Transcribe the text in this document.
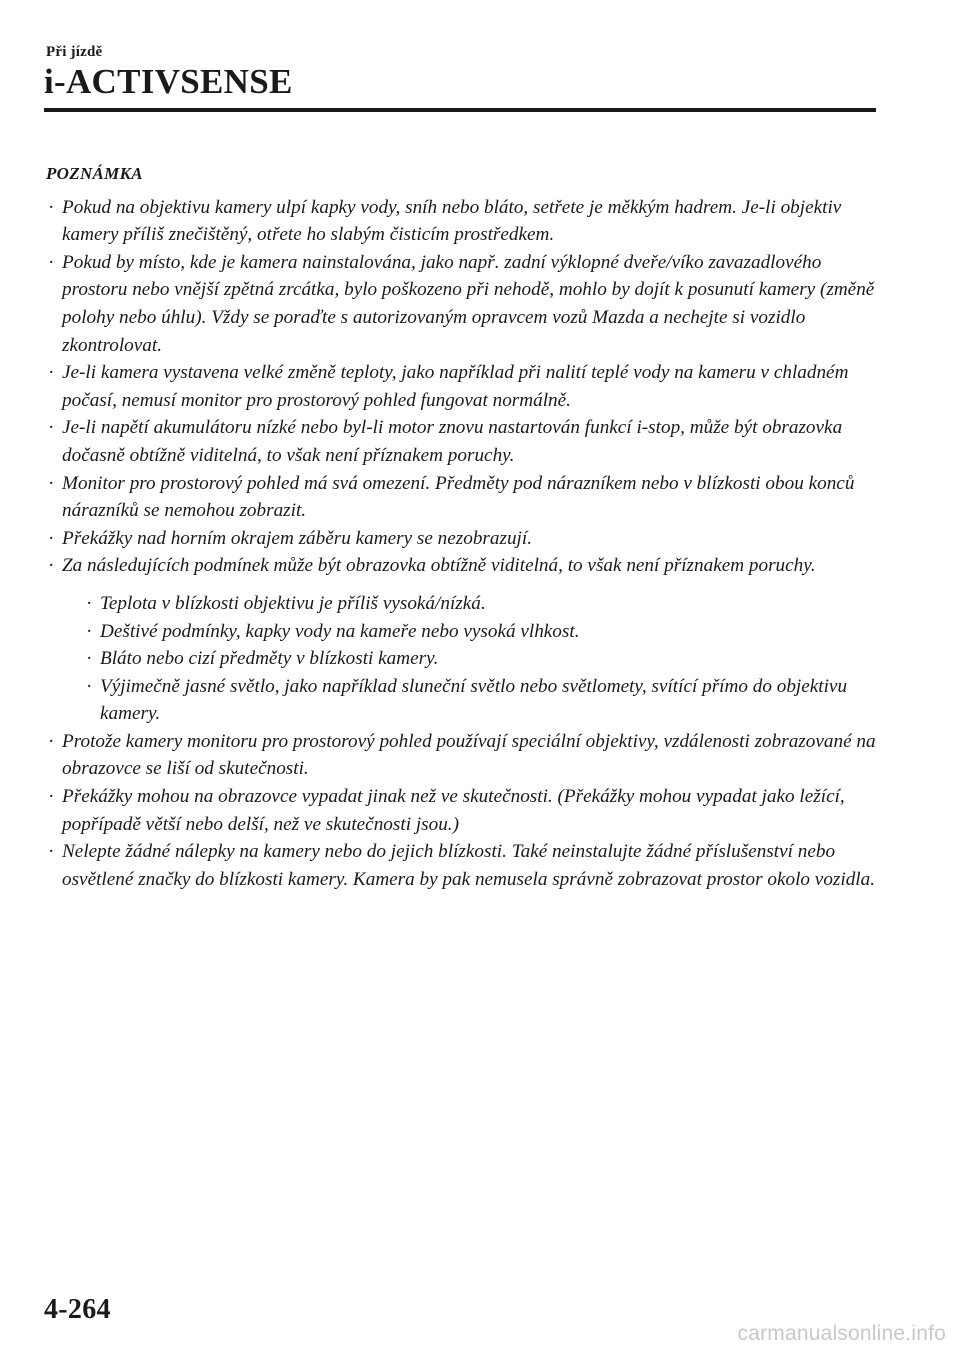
Při jízdě
i-ACTIVSENSE
POZNÁMKA
· Pokud na objektivu kamery ulpí kapky vody, sníh nebo bláto, setřete je měkkým hadrem. Je-li objektiv kamery příliš znečištěný, otřete ho slabým čisticím prostředkem.
· Pokud by místo, kde je kamera nainstalována, jako např. zadní výklopné dveře/víko zavazadlového prostoru nebo vnější zpětná zrcátka, bylo poškozeno při nehodě, mohlo by dojít k posunutí kamery (změně polohy nebo úhlu). Vždy se poraďte s autorizovaným opravcem vozů Mazda a nechejte si vozidlo zkontrolovat.
· Je-li kamera vystavena velké změně teploty, jako například při nalití teplé vody na kameru v chladném počasí, nemusí monitor pro prostorový pohled fungovat normálně.
· Je-li napětí akumulátoru nízké nebo byl-li motor znovu nastartován funkcí i-stop, může být obrazovka dočasně obtížně viditelná, to však není příznakem poruchy.
· Monitor pro prostorový pohled má svá omezení. Předměty pod nárazníkem nebo v blízkosti obou konců nárazníků se nemohou zobrazit.
· Překážky nad horním okrajem záběru kamery se nezobrazují.
· Za následujících podmínek může být obrazovka obtížně viditelná, to však není příznakem poruchy.
· Teplota v blízkosti objektivu je příliš vysoká/nízká.
· Deštivé podmínky, kapky vody na kameře nebo vysoká vlhkost.
· Bláto nebo cizí předměty v blízkosti kamery.
· Výjimečně jasné světlo, jako například sluneční světlo nebo světlomety, svítící přímo do objektivu kamery.
· Protože kamery monitoru pro prostorový pohled používají speciální objektivy, vzdálenosti zobrazované na obrazovce se liší od skutečnosti.
· Překážky mohou na obrazovce vypadat jinak než ve skutečnosti. (Překážky mohou vypadat jako ležící, popřípadě větší nebo delší, než ve skutečnosti jsou.)
· Nelepte žádné nálepky na kamery nebo do jejich blízkosti. Také neinstalujte žádné příslušenství nebo osvětlené značky do blízkosti kamery. Kamera by pak nemusela správně zobrazovat prostor okolo vozidla.
4-264
carmanualsonline.info
